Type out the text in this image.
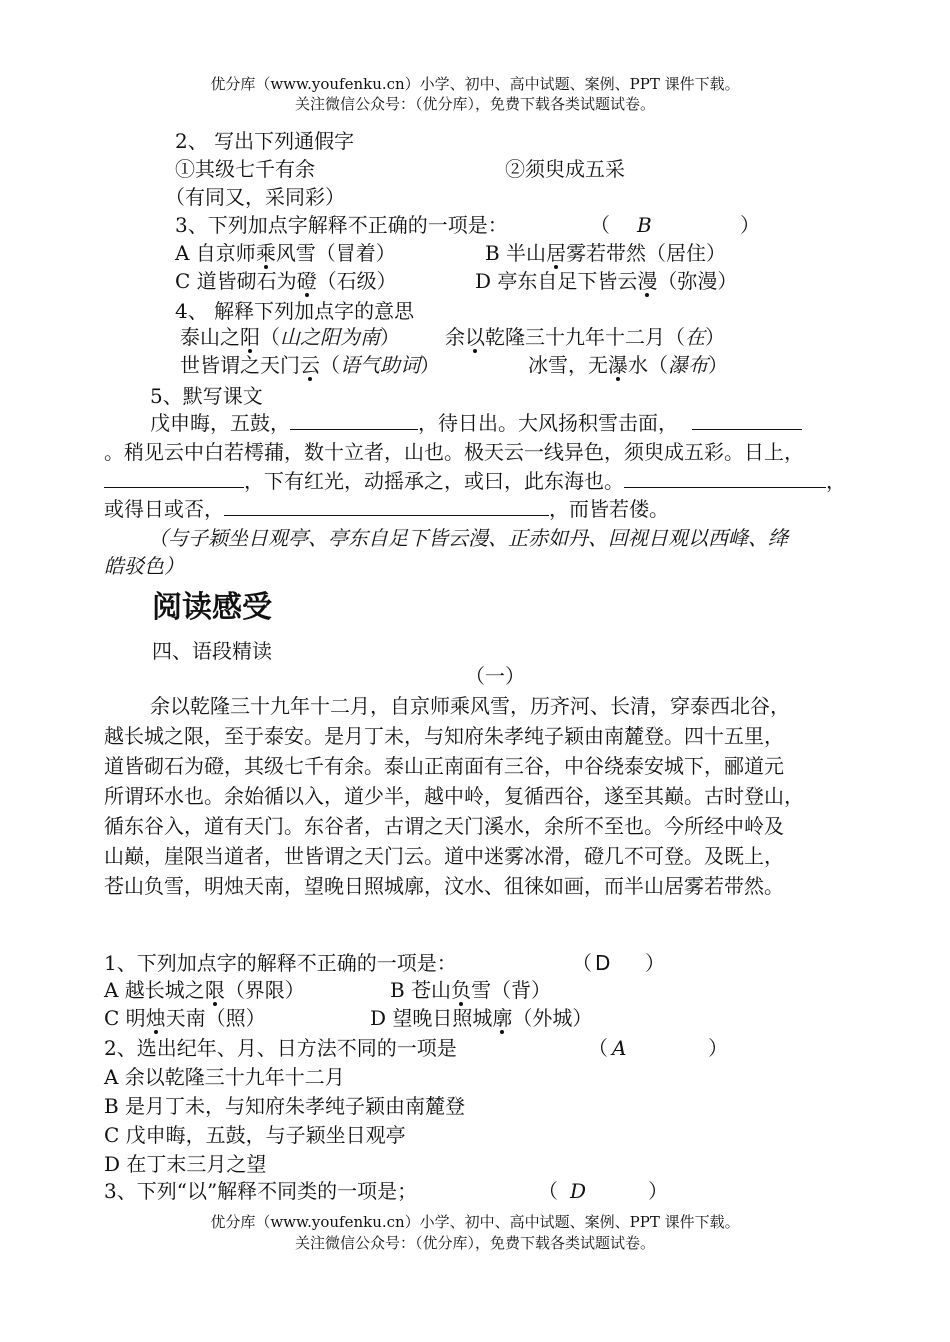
优分库（www.youfenku.cn）小学、初中、高中试题、案例、PPT 课件下载。
关注微信公众号：（优分库），免费下载各类试题试卷。
2、 写出下列通假字
①其级七千有余	②须臾成五采
（有同又，采同彩）
3、下列加点字解释不正确的一项是：	（ B	）
A 自京师乘风雪（冒着）	B 半山居雾若带然（居住）
C 道皆砌石为磴（石级）	D 亭东自足下皆云漫（弥漫）
4、 解释下列加点字的意思
泰山之阳（山之阳为南） 余以乾隆三十九年十二月（在）
世皆谓之天门云（语气助词）	冰雪，无瀑水（瀑布）
5、默写课文
戊申晦，五鼓，	，待日出。大风扬积雪击面，
。稍见云中白若樗蒱，数十立者，山也。极天云一线异色，须臾成五彩。日上，
，下有红光，动摇承之，或曰，此东海也。	，
或得日或否，	，而皆若偻。
（与子颖坐日观亭、亭东自足下皆云漫、正赤如丹、回视日观以西峰、绛
皓驳色）
阅读感受
四、语段精读
（一）
余以乾隆三十九年十二月，自京师乘风雪，历齐河、长清，穿泰西北谷，
越长城之限，至于泰安。是月丁未，与知府朱孝纯子颖由南麓登。四十五里，
道皆砌石为磴，其级七千有余。泰山正南面有三谷，中谷绕泰安城下，郦道元
所谓环水也。余始循以入，道少半，越中岭，复循西谷，遂至其巅。古时登山，
循东谷入，道有天门。东谷者，古谓之天门溪水，余所不至也。今所经中岭及
山巅，崖限当道者，世皆谓之天门云。道中迷雾冰滑，磴几不可登。及既上，
苍山负雪，明烛天南，望晚日照城廓，汶水、徂徕如画，而半山居雾若带然。
1、下列加点字的解释不正确的一项是：	（ D ）
A 越长城之限（界限）	B 苍山负雪（背）
C 明烛天南（照）	D 望晚日照城廓（外城）
2、选出纪年、月、日方法不同的一项是	（ A	）
A 余以乾隆三十九年十二月
B 是月丁未，与知府朱孝纯子颖由南麓登
C 戊申晦，五鼓，与子颖坐日观亭
D 在丁末三月之望
3、下列“以”解释不同类的一项是；	（ D	）
优分库（www.youfenku.cn）小学、初中、高中试题、案例、PPT 课件下载。
关注微信公众号：（优分库），免费下载各类试题试卷。
